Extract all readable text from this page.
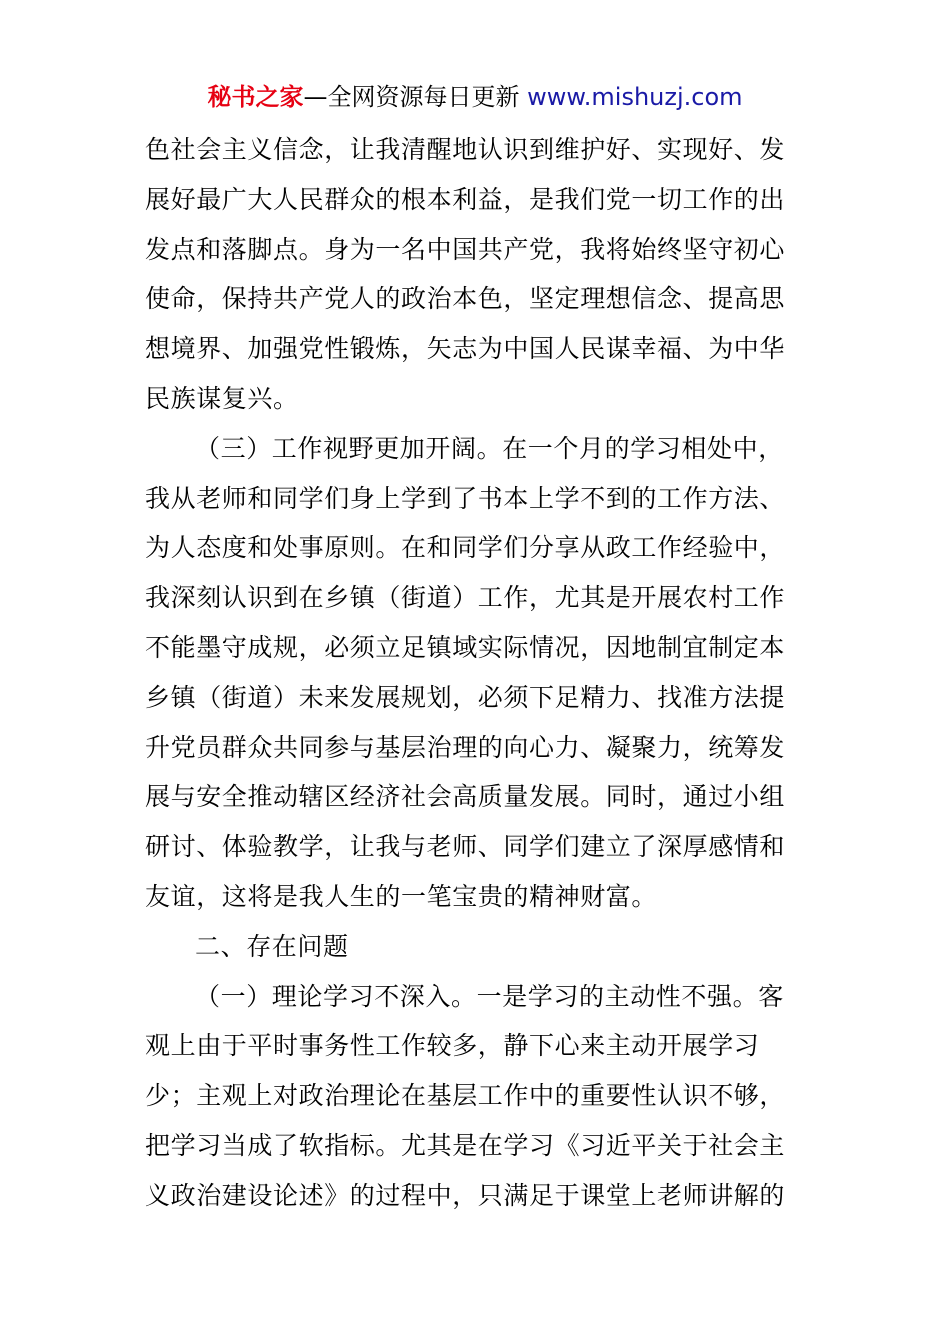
秘书之家—全网资源每日更新 www.mishuzj.com
色社会主义信念，让我清醒地认识到维护好、实现好、发
展好最广大人民群众的根本利益，是我们党一切工作的出
发点和落脚点。身为一名中国共产党，我将始终坚守初心
使命，保持共产党人的政治本色，坚定理想信念、提高思
想境界、加强党性锻炼，矢志为中国人民谋幸福、为中华
民族谋复兴。
（三）工作视野更加开阔。在一个月的学习相处中，
我从老师和同学们身上学到了书本上学不到的工作方法、
为人态度和处事原则。在和同学们分享从政工作经验中，
我深刻认识到在乡镇（街道）工作，尤其是开展农村工作
不能墨守成规，必须立足镇域实际情况，因地制宜制定本
乡镇（街道）未来发展规划，必须下足精力、找准方法提
升党员群众共同参与基层治理的向心力、凝聚力，统筹发
展与安全推动辖区经济社会高质量发展。同时，通过小组
研讨、体验教学，让我与老师、同学们建立了深厚感情和
友谊，这将是我人生的一笔宝贵的精神财富。
二、存在问题
（一）理论学习不深入。一是学习的主动性不强。客
观上由于平时事务性工作较多，静下心来主动开展学习
少；主观上对政治理论在基层工作中的重要性认识不够，
把学习当成了软指标。尤其是在学习《习近平关于社会主
义政治建设论述》的过程中，只满足于课堂上老师讲解的
